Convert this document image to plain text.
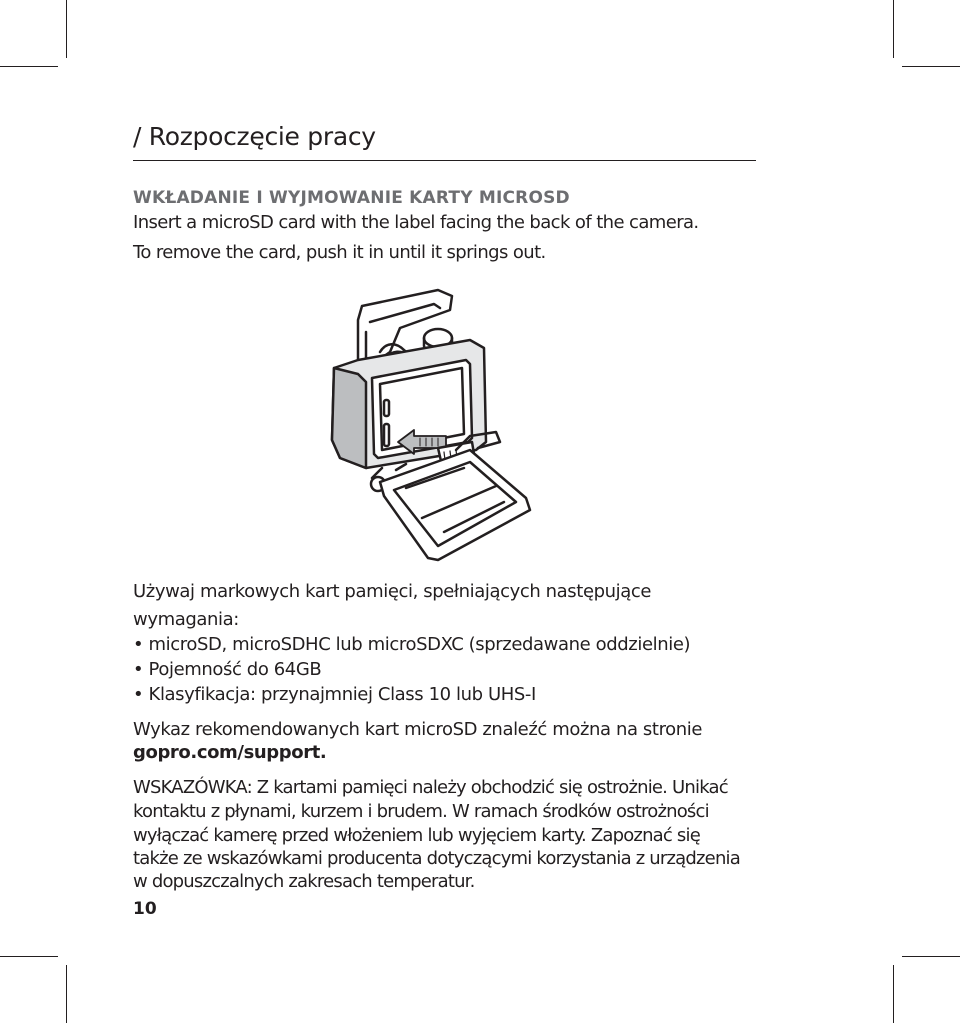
/ Rozpoczęcie pracy
WKŁADANIE I WYJMOWANIE KARTY MICROSD

Insert a microSD card with the label facing the back of the camera.

To remove the card, push it in until it springs out.

Używaj markowych kart pamięci, spełniających następujące

wymagania:

• microSD, microSDHC lub microSDXC (sprzedawane oddzielnie)

• Pojemność do 64GB

• Klasyfikacja: przynajmniej Class 10 lub UHS-I

Wykaz rekomendowanych kart microSD znaleźć można na stronie

gopro.com/support.

WSKAZÓWKA: Z kartami pamięci należy obchodzić się ostrożnie. Unikać

kontaktu z płynami, kurzem i brudem. W ramach środków ostrożności

wyłączać kamerę przed włożeniem lub wyjęciem karty. Zapoznać się

także ze wskazówkami producenta dotyczącymi korzystania z urządzenia

w dopuszczalnych zakresach temperatur.

10
